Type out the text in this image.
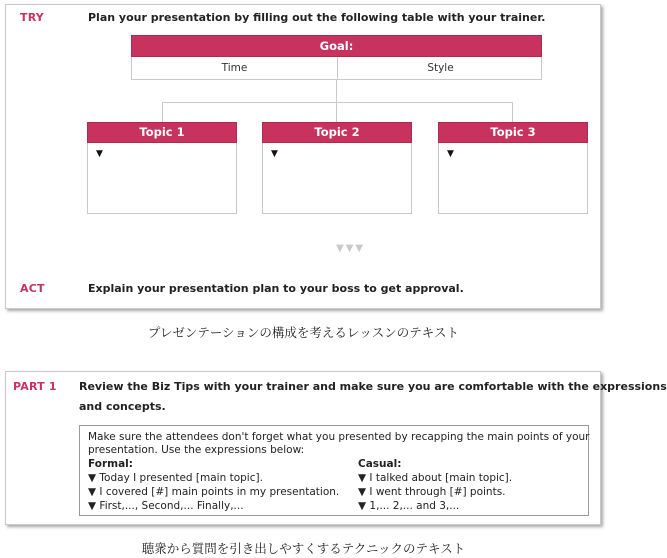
TRY	Plan your presentation by filling out the following table with your trainer.
Goal:
Time	Style
Topic 1
▼
Topic 2
▼
Topic 3
▼
▼▼▼
ACT	Explain your presentation plan to your boss to get approval.
プレゼンテーションの構成を考えるレッスンのテキスト
PART 1 Review the Biz Tips with your trainer and make sure you are comfortable with the expressions
and concepts.
Make sure the attendees don't forget what you presented by recapping the main points of your
presentation. Use the expressions below:
Formal:
▼ Today I presented [main topic].
▼ I covered [#] main points in my presentation.
▼ First,..., Second,... Finally,...
Casual:
▼ I talked about [main topic].
▼ I went through [#] points.
▼ 1,... 2,... and 3,...
聴衆から質問を引き出しやすくするテクニックのテキスト
